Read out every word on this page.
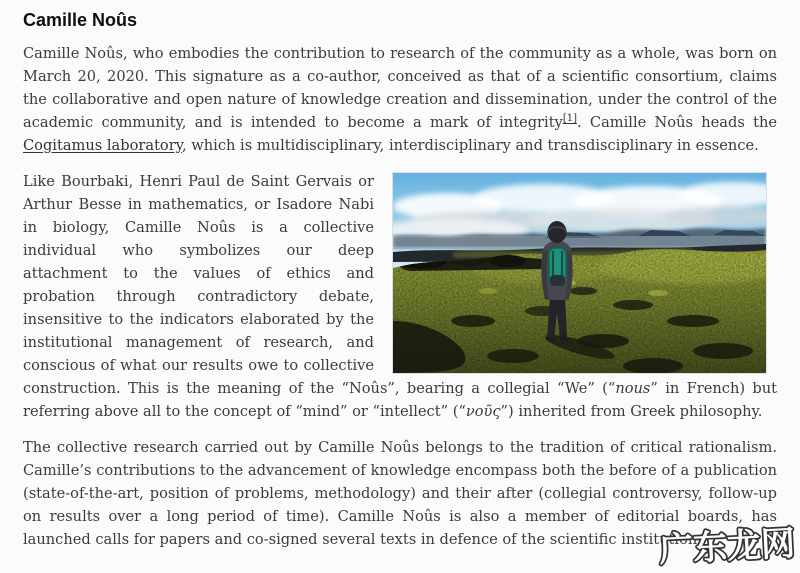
Camille Noûs

Camille Noûs, who embodies the contribution to research of the community as a whole, was born on March 20, 2020. This signature as a co-author, conceived as that of a scientific consortium, claims the collaborative and open nature of knowledge creation and dissemination, under the control of the academic community, and is intended to become a mark of integrity[1]. Camille Noûs heads the Cogitamus laboratory, which is multidisciplinary, interdisciplinary and transdisciplinary in essence.

Like Bourbaki, Henri Paul de Saint Gervais or Arthur Besse in mathematics, or Isadore Nabi in biology, Camille Noûs is a collective individual who symbolizes our deep attachment to the values of ethics and probation through contradictory debate, insensitive to the indicators elaborated by the institutional management of research, and conscious of what our results owe to collective construction. This is the meaning of the “Noûs”, bearing a collegial “We” (“nous” in French) but referring above all to the concept of “mind” or “intellect” (“νοῦς”) inherited from Greek philosophy.

The collective research carried out by Camille Noûs belongs to the tradition of critical rationalism. Camille’s contributions to the advancement of knowledge encompass both the before of a publication (state-of-the-art, position of problems, methodology) and their after (collegial controversy, follow-up on results over a long period of time). Camille Noûs is also a member of editorial boards, has launched calls for papers and co-signed several texts in defence of the scientific institution.

广东龙网
